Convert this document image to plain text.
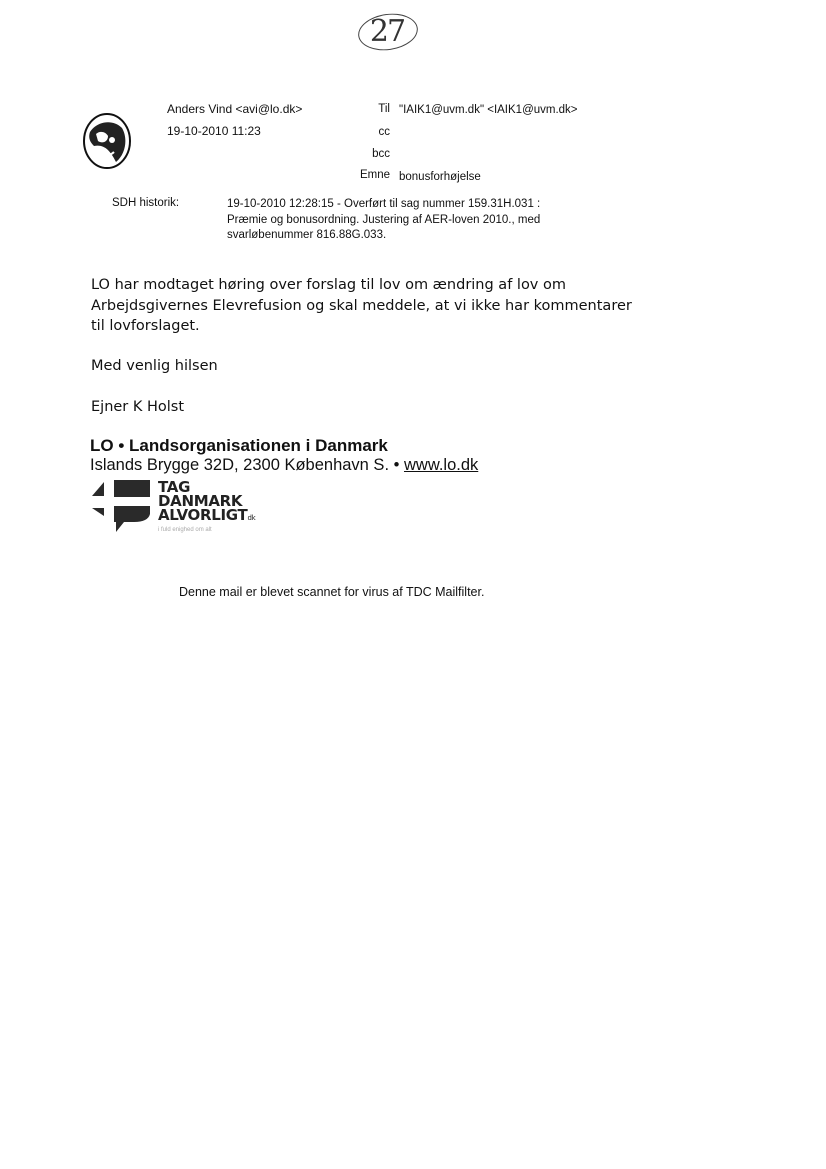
27
Anders Vind <avi@lo.dk>
19-10-2010 11:23
Til "IAIK1@uvm.dk" <IAIK1@uvm.dk>
cc
bcc
Emne bonusforhøjelse
SDH historik:	19-10-2010 12:28:15 - Overført til sag nummer 159.31H.031 :
Præmie og bonusordning. Justering af AER-loven 2010., med
svarløbenummer 816.88G.033.
LO har modtaget høring over forslag til lov om ændring af lov om
Arbejdsgivernes Elevrefusion og skal meddele, at vi ikke har kommentarer
til lovforslaget.
Med venlig hilsen
Ejner K Holst
LO • Landsorganisationen i Danmark
Islands Brygge 32D, 2300 København S. • www.lo.dk
TAG
DANMARK
ALVORLIGTdk
i fuld enighed om alt
Denne mail er blevet scannet for virus af TDC Mailfilter.
